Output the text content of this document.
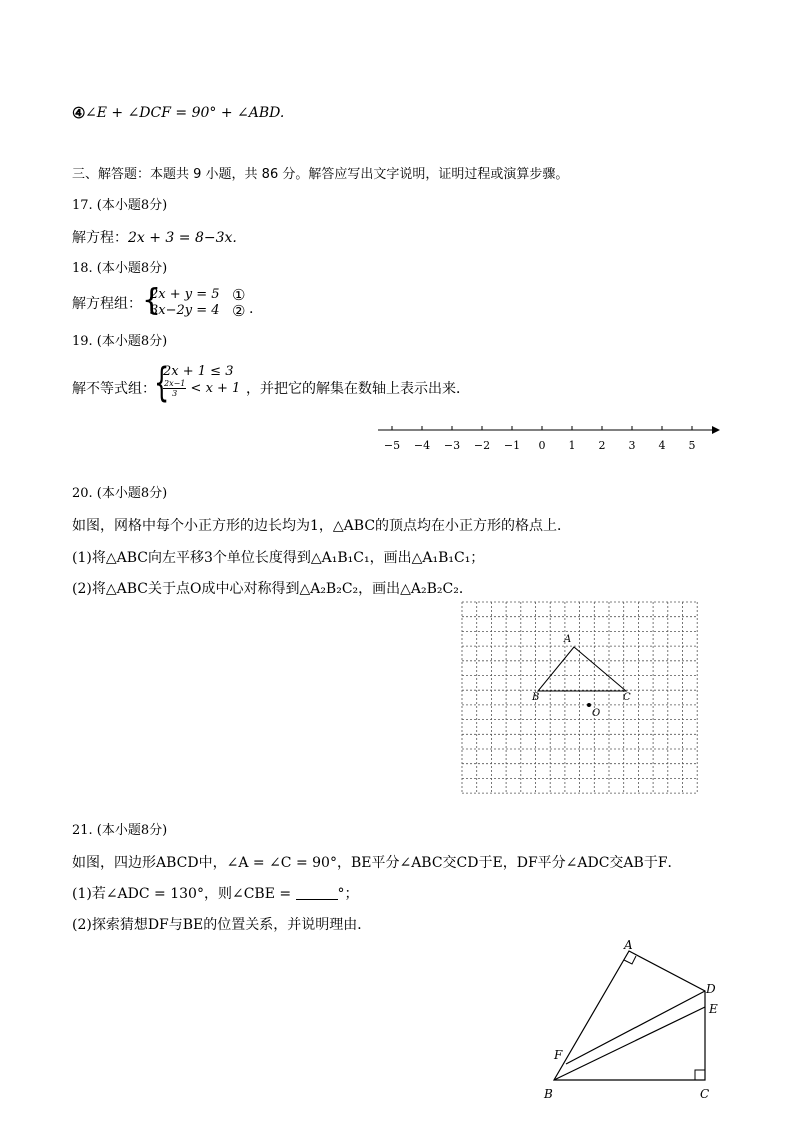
④∠E + ∠DCF = 90° + ∠ABD.
三、解答题：本题共 9 小题，共 86 分。解答应写出文字说明，证明过程或演算步骤。
17. (本小题8分)
解方程：2x + 3 = 8−3x.
18. (本小题8分)
解方程组： {
2x + y = 5
3x−2y = 4
①
② .
19. (本小题8分)
解不等式组：
{
2x + 1 ≤ 3
$\frac{2x-1}{3} < x + 1$ ，并把它的解集在数轴上表示出来．
−5 −4 −3 −2 −1 0 1 2 3 4 5
20. (本小题8分)
如图，网格中每个小正方形的边长均为1，△ABC的顶点均在小正方形的格点上．
(1)将△ABC向左平移3个单位长度得到△A₁B₁C₁，画出△A₁B₁C₁；
(2)将△ABC关于点O成中心对称得到△A₂B₂C₂，画出△A₂B₂C₂．
A
B	C
O
21. (本小题8分)
如图，四边形ABCD中，∠A = ∠C = 90°，BE平分∠ABC交CD于E，DF平分∠ADC交AB于F．
(1)若∠ADC = 130°，则∠CBE =	°；
(2)探索猜想DF与BE的位置关系，并说明理由．
A
D
E
F
B	C
